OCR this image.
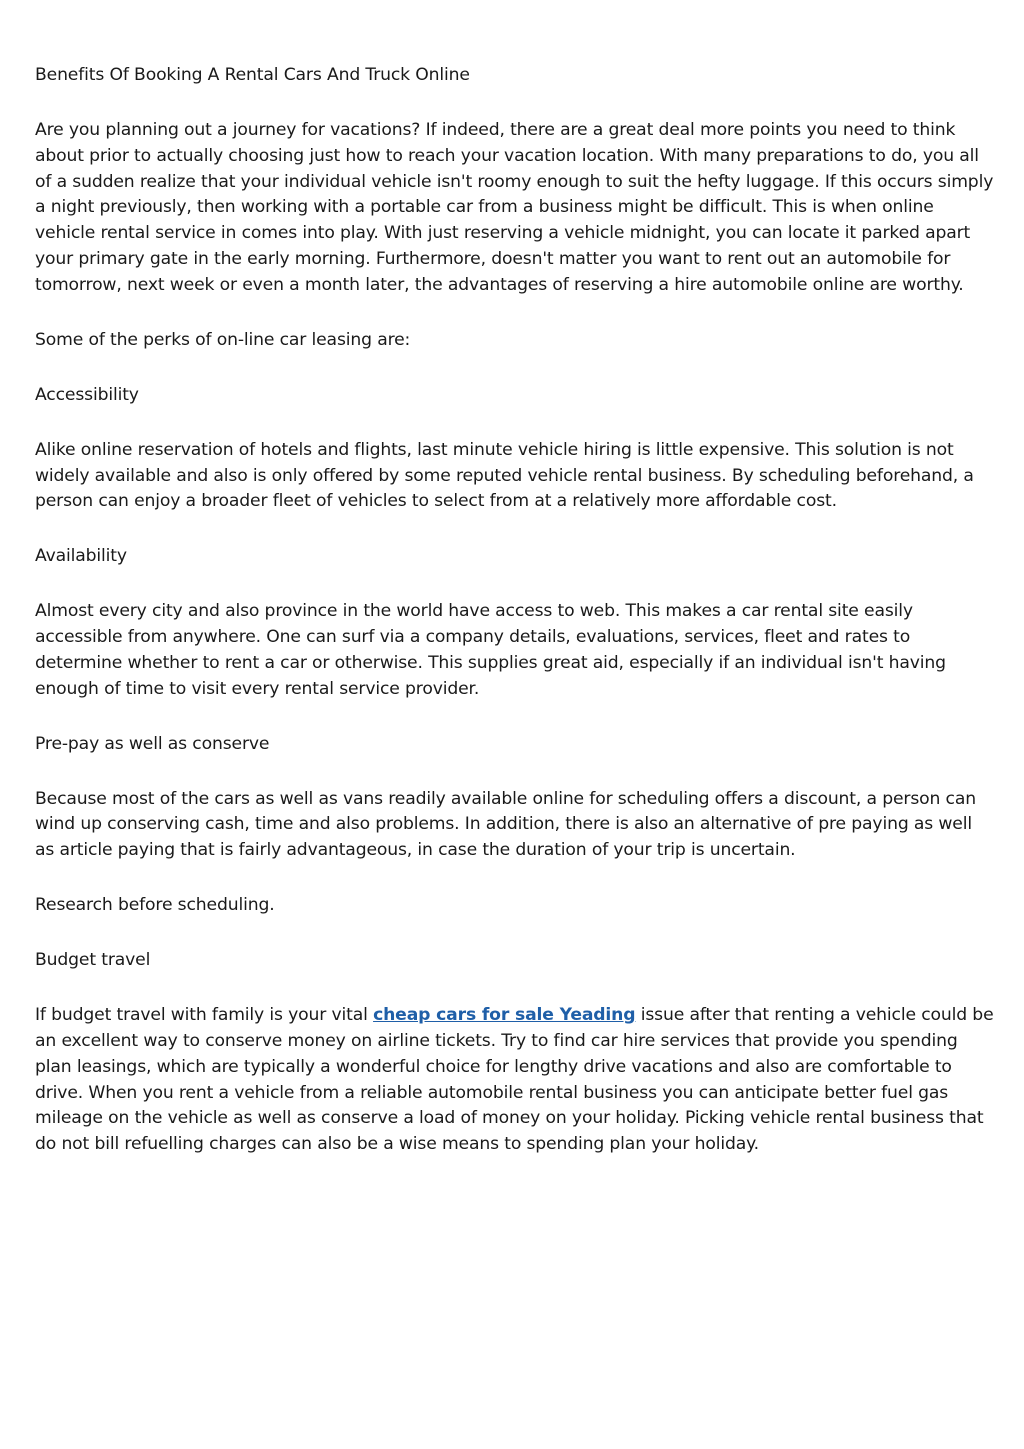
Benefits Of Booking A Rental Cars And Truck Online

Are you planning out a journey for vacations? If indeed, there are a great deal more points you need to think about prior to actually choosing just how to reach your vacation location. With many preparations to do, you all of a sudden realize that your individual vehicle isn't roomy enough to suit the hefty luggage. If this occurs simply a night previously, then working with a portable car from a business might be difficult. This is when online vehicle rental service in comes into play. With just reserving a vehicle midnight, you can locate it parked apart your primary gate in the early morning. Furthermore, doesn't matter you want to rent out an automobile for tomorrow, next week or even a month later, the advantages of reserving a hire automobile online are worthy.

Some of the perks of on-line car leasing are:

Accessibility

Alike online reservation of hotels and flights, last minute vehicle hiring is little expensive. This solution is not widely available and also is only offered by some reputed vehicle rental business. By scheduling beforehand, a person can enjoy a broader fleet of vehicles to select from at a relatively more affordable cost.

Availability

Almost every city and also province in the world have access to web. This makes a car rental site easily accessible from anywhere. One can surf via a company details, evaluations, services, fleet and rates to determine whether to rent a car or otherwise. This supplies great aid, especially if an individual isn't having enough of time to visit every rental service provider.

Pre-pay as well as conserve

Because most of the cars as well as vans readily available online for scheduling offers a discount, a person can wind up conserving cash, time and also problems. In addition, there is also an alternative of pre paying as well as article paying that is fairly advantageous, in case the duration of your trip is uncertain.

Research before scheduling.

Budget travel

If budget travel with family is your vital cheap cars for sale Yeading issue after that renting a vehicle could be an excellent way to conserve money on airline tickets. Try to find car hire services that provide you spending plan leasings, which are typically a wonderful choice for lengthy drive vacations and also are comfortable to drive. When you rent a vehicle from a reliable automobile rental business you can anticipate better fuel gas mileage on the vehicle as well as conserve a load of money on your holiday. Picking vehicle rental business that do not bill refuelling charges can also be a wise means to spending plan your holiday.
